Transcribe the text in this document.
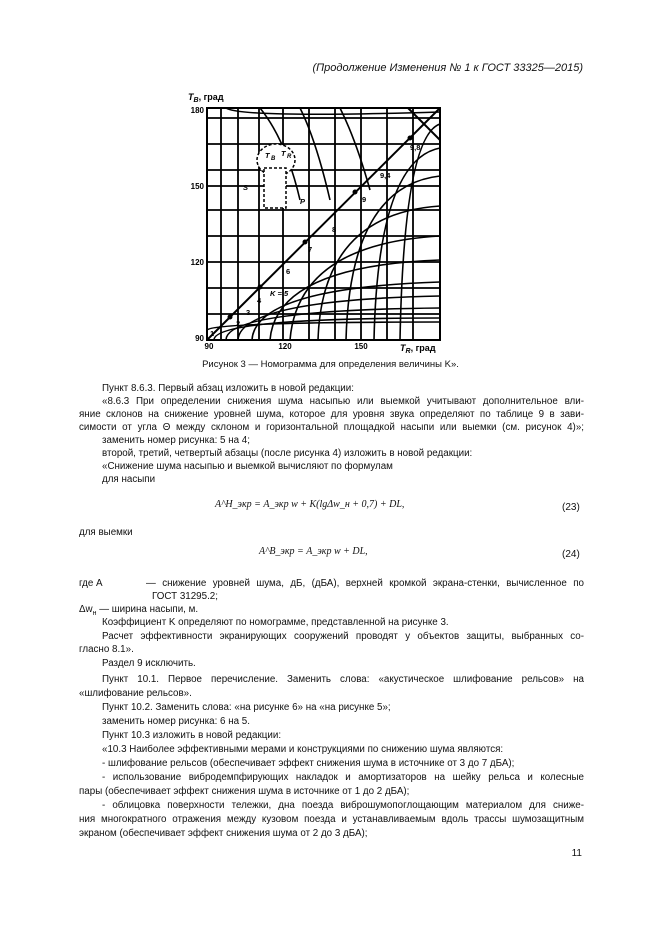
(Продолжение Изменения № 1 к ГОСТ 33325—2015)
$T_B$, град
$T_R$, град
180
150
120
90
90	120	150
1
2
3
4
K = 5
6
7
8
9
9,4
9,8
T B
T R
S
P
Рисунок 3 — Номограмма для определения величины K».
Пункт 8.6.3. Первый абзац изложить в новой редакции:
«8.6.3 При определении снижения шума насыпью или выемкой учитывают дополнительное вли-
яние склонов на снижение уровней шума, которое для уровня звука определяют по таблице 9 в зави-
симости от угла Θ между склоном и горизонтальной площадкой насыпи или выемки (см. рисунок 4)»;
заменить номер рисунка: 5 на 4;
второй, третий, четвертый абзацы (после рисунка 4) изложить в новой редакции:
«Снижение шума насыпью и выемкой вычисляют по формулам
для насыпи
A^Н_экр = A_экр w + K(lgΔw_н + 0,7) + DL,	(23)
для выемки
A^В_экр = A_экр w + DL,	(24)
где A	— снижение уровней шума, дБ, (дБА), верхней кромкой экрана-стенки, вычисленное по
ГОСТ 31295.2;
$\Delta w_н$ — ширина насыпи, м.
Коэффициент K определяют по номограмме, представленной на рисунке 3.
Расчет эффективности экранирующих сооружений проводят у объектов защиты, выбранных со-
гласно 8.1».
Раздел 9 исключить.
Пункт 10.1. Первое перечисление. Заменить слова: «акустическое шлифование рельсов» на
«шлифование рельсов».
Пункт 10.2. Заменить слова: «на рисунке 6» на «на рисунке 5»;
заменить номер рисунка: 6 на 5.
Пункт 10.3 изложить в новой редакции:
«10.3 Наиболее эффективными мерами и конструкциями по снижению шума являются:
- шлифование рельсов (обеспечивает эффект снижения шума в источнике от 3 до 7 дБА);
- использование вибродемпфирующих накладок и амортизаторов на шейку рельса и колесные
пары (обеспечивает эффект снижения шума в источнике от 1 до 2 дБА);
- облицовка поверхности тележки, дна поезда виброшумопоглощающим материалом для сниже-
ния многократного отражения между кузовом поезда и устанавливаемым вдоль трассы шумозащитным
экраном (обеспечивает эффект снижения шума от 2 до 3 дБА);
11
